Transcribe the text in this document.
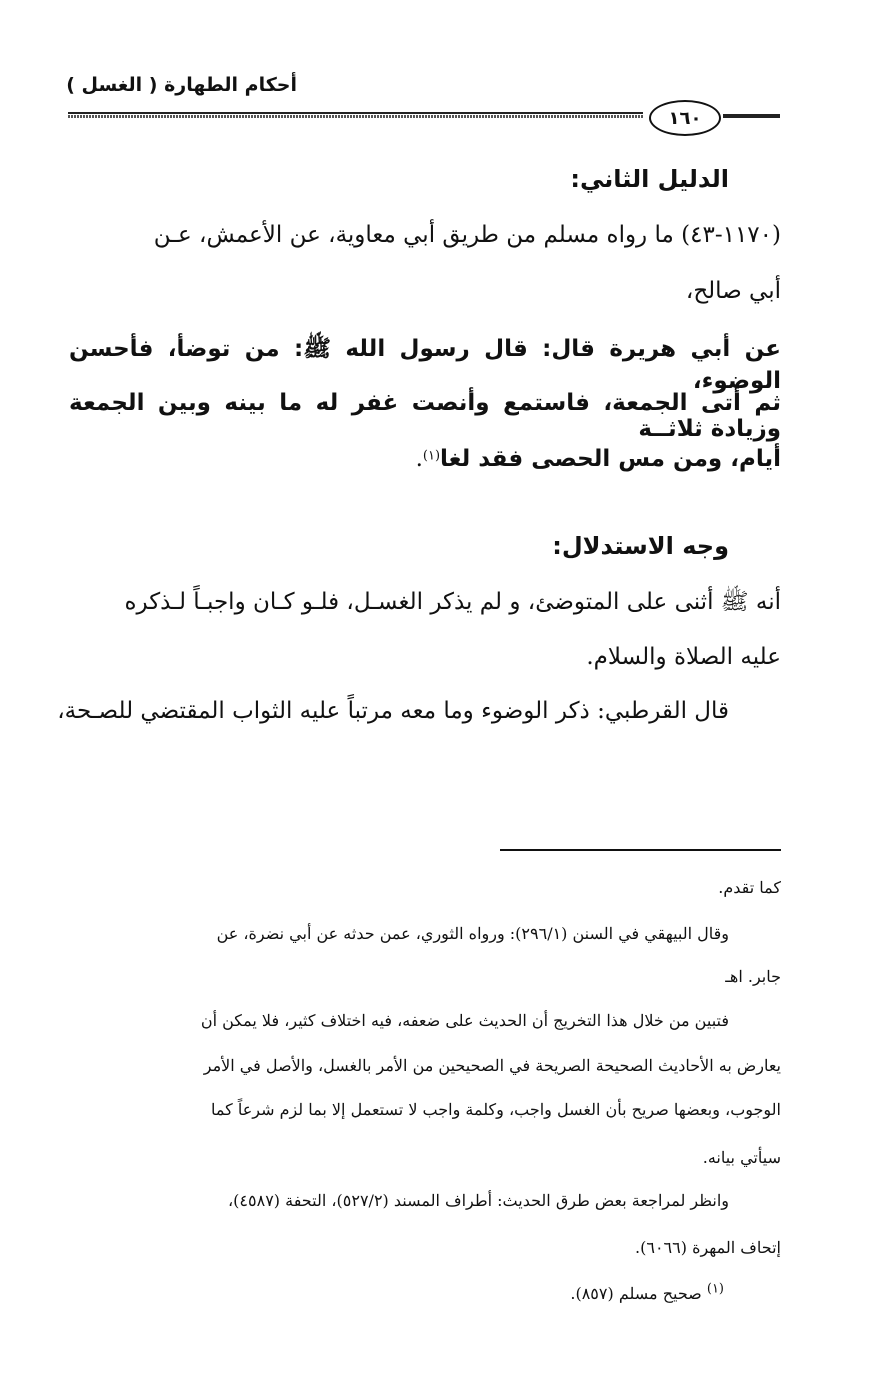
أحكام الطهارة ( الغسل )
١٦٠
الدليل الثاني:
(١١٧٠-٤٣) ما رواه مسلم من طريق أبي معاوية، عن الأعمش، عـن
أبي صالح،
عن أبي هريرة قال: قال رسول الله ﷺ: من توضأ، فأحسن الوضوء،
ثم أتى الجمعة، فاستمع وأنصت غفر له ما بينه وبين الجمعة وزيادة ثلاثــة
أيام، ومن مس الحصى فقد لغا$^{(١)}$.
وجه الاستدلال:
أنه ﷺ أثنى على المتوضئ، و لم يذكر الغسـل، فلـو كـان واجبـاً لـذكره
عليه الصلاة والسلام.
قال القرطبي: ذكر الوضوء وما معه مرتباً عليه الثواب المقتضي للصـحة،
كما تقدم.
وقال البيهقي في السنن (٢٩٦/١): ورواه الثوري، عمن حدثه عن أبي نضرة، عن
جابر. اهـ
فتبين من خلال هذا التخريج أن الحديث على ضعفه، فيه اختلاف كثير، فلا يمكن أن
يعارض به الأحاديث الصحيحة الصريحة في الصحيحين من الأمر بالغسل، والأصل في الأمر
الوجوب، وبعضها صريح بأن الغسل واجب، وكلمة واجب لا تستعمل إلا بما لزم شرعاً كما
سيأتي بيانه.
وانظر لمراجعة بعض طرق الحديث: أطراف المسند (٥٢٧/٢)، التحفة (٤٥٨٧)،
إتحاف المهرة (٦٠٦٦).
$^{(١)}$ صحيح مسلم (٨٥٧).
